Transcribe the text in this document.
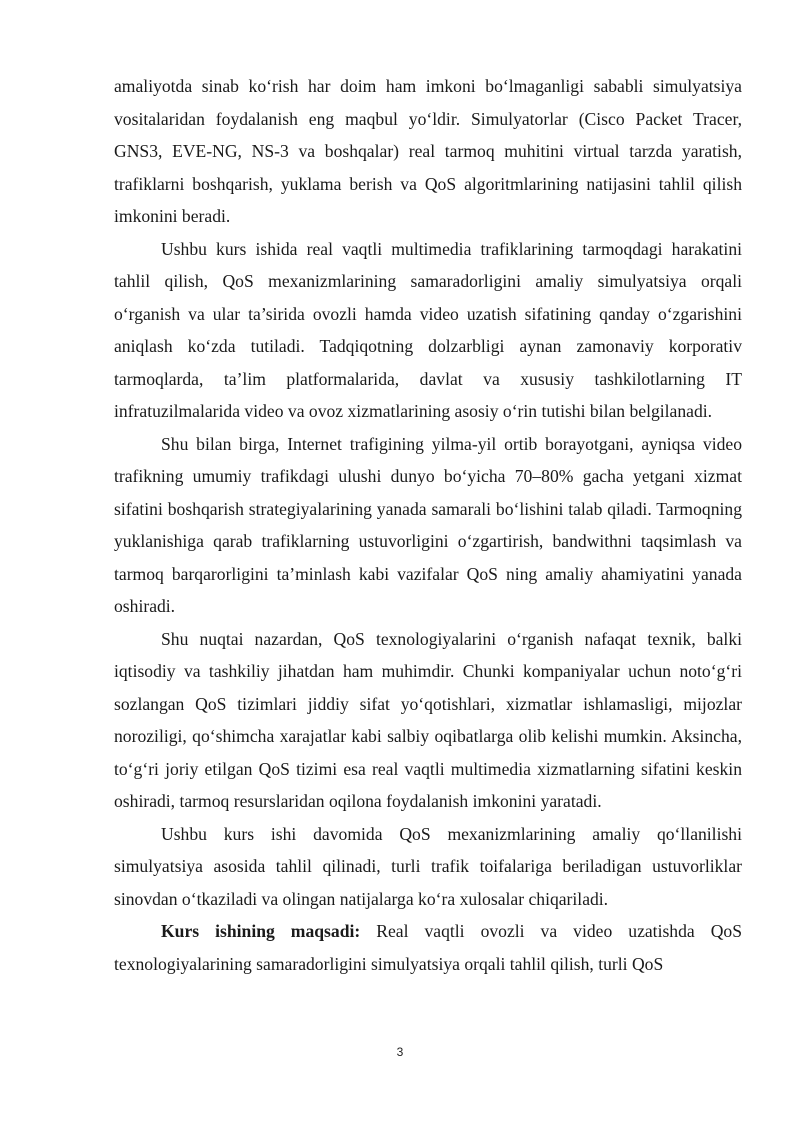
amaliyotda sinab ko‘rish har doim ham imkoni bo‘lmaganligi sababli simulyatsiya vositalaridan foydalanish eng maqbul yo‘ldir. Simulyatorlar (Cisco Packet Tracer, GNS3, EVE-NG, NS-3 va boshqalar) real tarmoq muhitini virtual tarzda yaratish, trafiklarni boshqarish, yuklama berish va QoS algoritmlarining natijasini tahlil qilish imkonini beradi.

Ushbu kurs ishida real vaqtli multimedia trafiklarining tarmoqdagi harakatini tahlil qilish, QoS mexanizmlarining samaradorligini amaliy simulyatsiya orqali o‘rganish va ular ta’sirida ovozli hamda video uzatish sifatining qanday o‘zgarishini aniqlash ko‘zda tutiladi. Tadqiqotning dolzarbligi aynan zamonaviy korporativ tarmoqlarda, ta’lim platformalarida, davlat va xususiy tashkilotlarning IT infratuzilmalarida video va ovoz xizmatlarining asosiy o‘rin tutishi bilan belgilanadi.

Shu bilan birga, Internet trafigining yilma-yil ortib borayotgani, ayniqsa video trafikning umumiy trafikdagi ulushi dunyo bo‘yicha 70–80% gacha yetgani xizmat sifatini boshqarish strategiyalarining yanada samarali bo‘lishini talab qiladi. Tarmoqning yuklanishiga qarab trafiklarning ustuvorligini o‘zgartirish, bandwithni taqsimlash va tarmoq barqarorligini ta’minlash kabi vazifalar QoS ning amaliy ahamiyatini yanada oshiradi.

Shu nuqtai nazardan, QoS texnologiyalarini o‘rganish nafaqat texnik, balki iqtisodiy va tashkiliy jihatdan ham muhimdir. Chunki kompaniyalar uchun noto‘g‘ri sozlangan QoS tizimlari jiddiy sifat yo‘qotishlari, xizmatlar ishlamasligi, mijozlar noroziligi, qo‘shimcha xarajatlar kabi salbiy oqibatlarga olib kelishi mumkin. Aksincha, to‘g‘ri joriy etilgan QoS tizimi esa real vaqtli multimedia xizmatlarning sifatini keskin oshiradi, tarmoq resurslaridan oqilona foydalanish imkonini yaratadi.

Ushbu kurs ishi davomida QoS mexanizmlarining amaliy qo‘llanilishi simulyatsiya asosida tahlil qilinadi, turli trafik toifalariga beriladigan ustuvorliklar sinovdan o‘tkaziladi va olingan natijalarga ko‘ra xulosalar chiqariladi.

Kurs ishining maqsadi: Real vaqtli ovozli va video uzatishda QoS texnologiyalarining samaradorligini simulyatsiya orqali tahlil qilish, turli QoS

3
